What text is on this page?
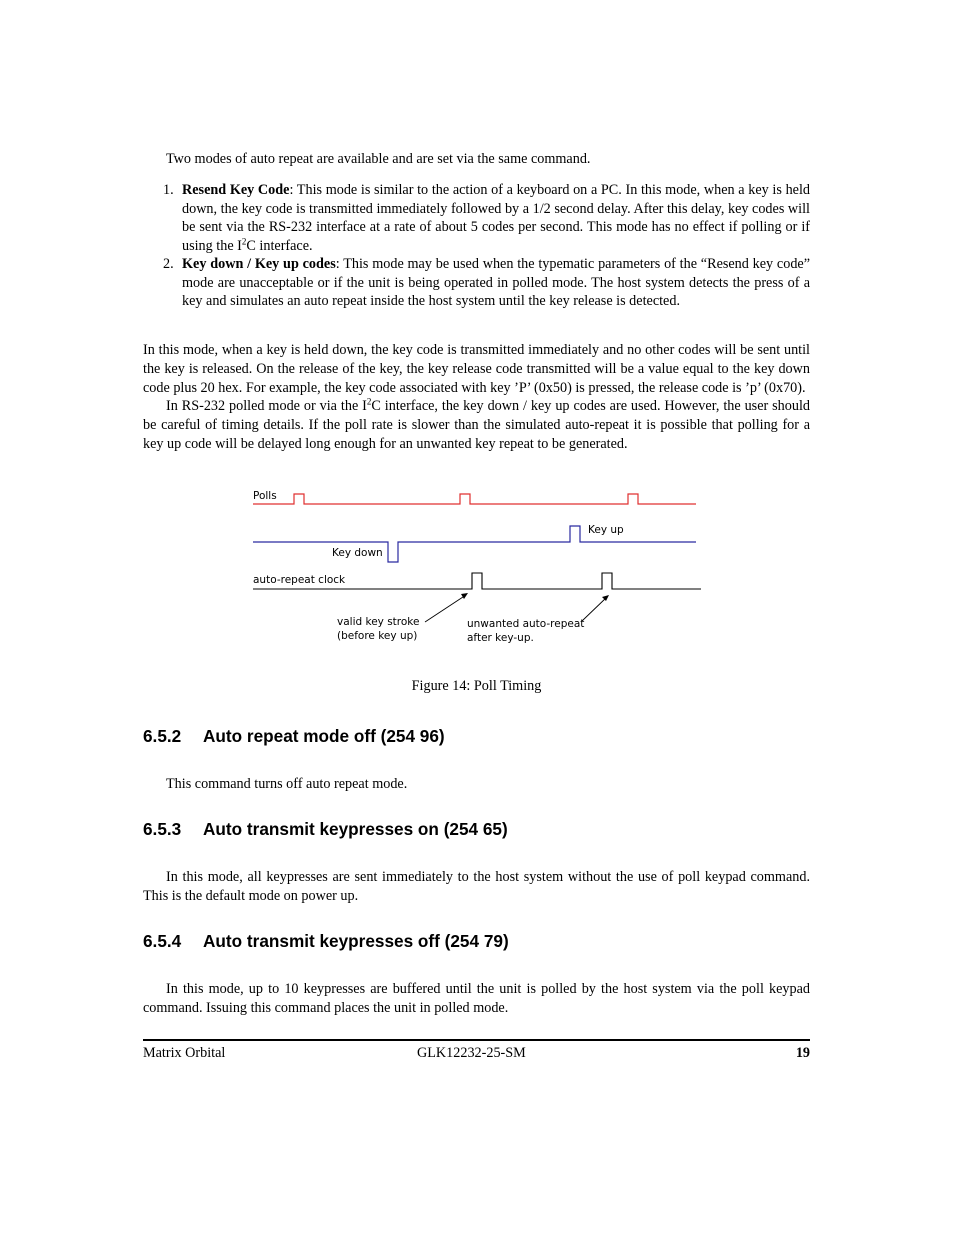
Two modes of auto repeat are available and are set via the same command.

1. Resend Key Code: This mode is similar to the action of a keyboard on a PC. In this mode, when a key is held down, the key code is transmitted immediately followed by a 1/2 second delay. After this delay, key codes will be sent via the RS-232 interface at a rate of about 5 codes per second. This mode has no effect if polling or if using the $I^2C$ interface.
2. Key down / Key up codes: This mode may be used when the typematic parameters of the “Resend key code” mode are unacceptable or if the unit is being operated in polled mode. The host system detects the press of a key and simulates an auto repeat inside the host system until the key release is detected.

In this mode, when a key is held down, the key code is transmitted immediately and no other codes will be sent until the key is released. On the release of the key, the key release code transmitted will be a value equal to the key down code plus 20 hex. For example, the key code associated with key ’P’ (0x50) is pressed, the release code is ’p’ (0x70).

In RS-232 polled mode or via the $I^2C$ interface, the key down / key up codes are used. However, the user should be careful of timing details. If the poll rate is slower than the simulated auto-repeat it is possible that polling for a key up code will be delayed long enough for an unwanted key repeat to be generated.

Polls
Key down
Key up
auto-repeat clock
valid key stroke
(before key up)
unwanted auto-repeat
after key-up.
Figure 14: Poll Timing
6.5.2 Auto repeat mode off (254 96)

This command turns off auto repeat mode.

6.5.3 Auto transmit keypresses on (254 65)

In this mode, all keypresses are sent immediately to the host system without the use of poll keypad command. This is the default mode on power up.

6.5.4 Auto transmit keypresses off (254 79)

In this mode, up to 10 keypresses are buffered until the unit is polled by the host system via the poll keypad command. Issuing this command places the unit in polled mode.

Matrix Orbital	GLK12232-25-SM	19
